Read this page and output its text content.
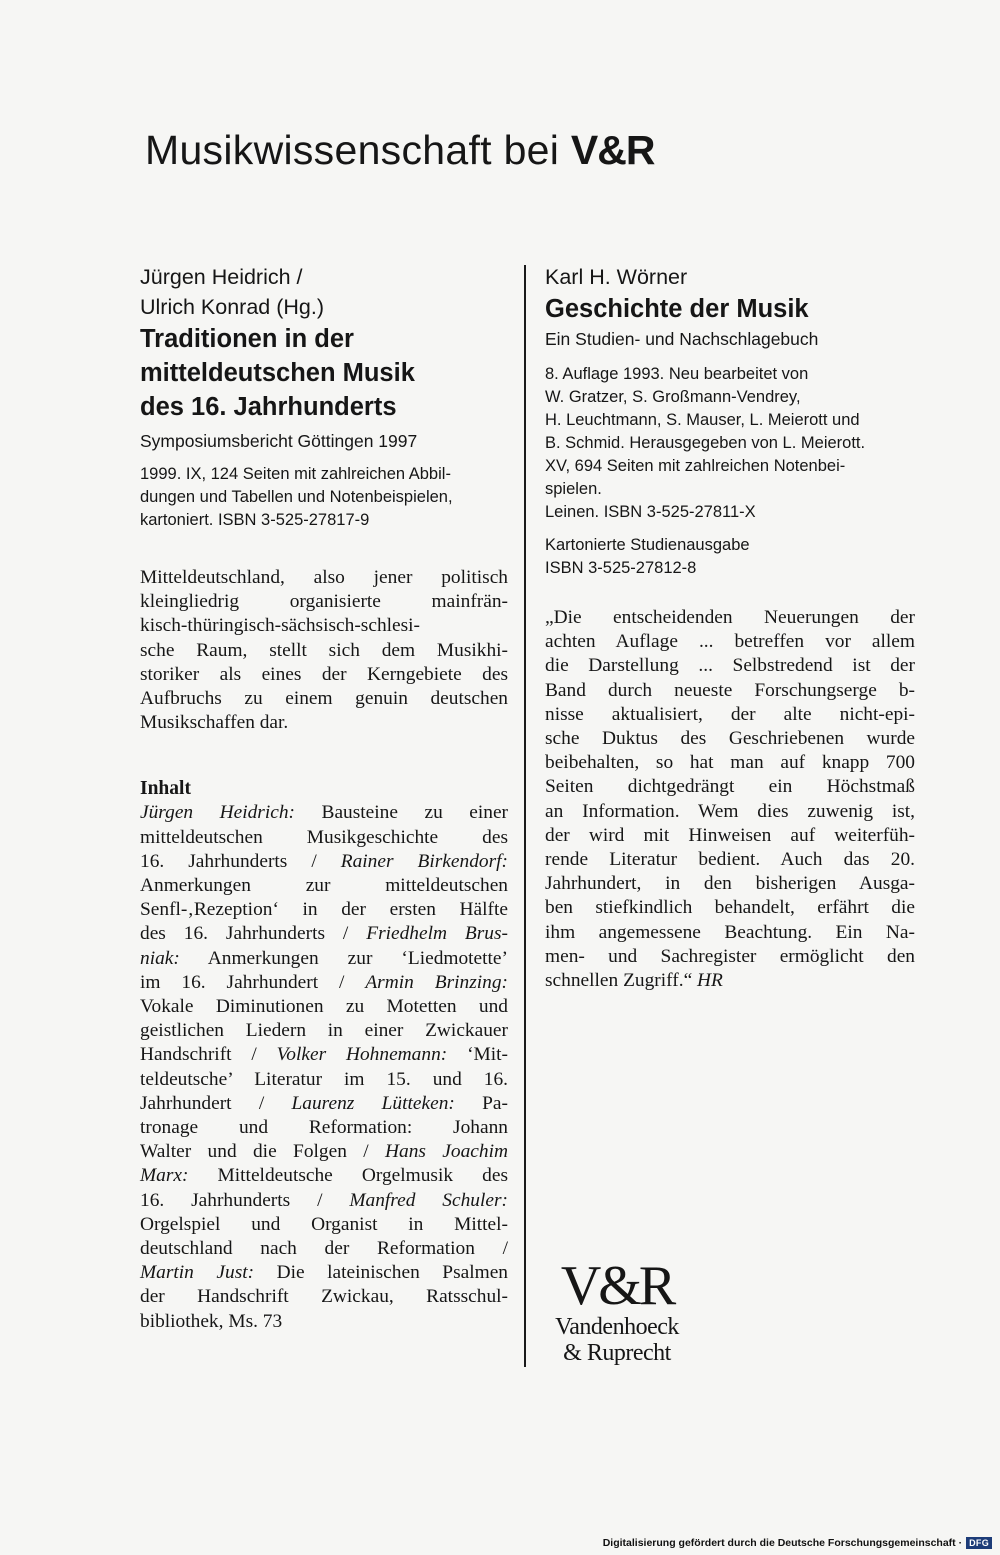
Musikwissenschaft bei V&R
Jürgen Heidrich /
Ulrich Konrad (Hg.)
Traditionen in der
mitteldeutschen Musik
des 16. Jahrhunderts
Symposiumsbericht Göttingen 1997
1999. IX, 124 Seiten mit zahlreichen Abbil-
dungen und Tabellen und Notenbeispielen,
kartoniert. ISBN 3-525-27817-9
Mitteldeutschland, also jener politisch
kleingliedrig organisierte mainfrän-
kisch-thüringisch-sächsisch-schlesi-
sche Raum, stellt sich dem Musikhi-
storiker als eines der Kerngebiete des
Aufbruchs zu einem genuin deutschen
Musikschaffen dar.
Inhalt
Jürgen Heidrich: Bausteine zu einer
mitteldeutschen Musikgeschichte des
16. Jahrhunderts / Rainer Birkendorf:
Anmerkungen zur mitteldeutschen
Senfl-‚Rezeption‘ in der ersten Hälfte
des 16. Jahrhunderts / Friedhelm Brus-
niak: Anmerkungen zur ‘Liedmotette’
im 16. Jahrhundert / Armin Brinzing:
Vokale Diminutionen zu Motetten und
geistlichen Liedern in einer Zwickauer
Handschrift / Volker Hohnemann: ‘Mit-
teldeutsche’ Literatur im 15. und 16.
Jahrhundert / Laurenz Lütteken: Pa-
tronage und Reformation: Johann
Walter und die Folgen / Hans Joachim
Marx: Mitteldeutsche Orgelmusik des
16. Jahrhunderts / Manfred Schuler:
Orgelspiel und Organist in Mittel-
deutschland nach der Reformation /
Martin Just: Die lateinischen Psalmen
der Handschrift Zwickau, Ratsschul-
bibliothek, Ms. 73
Karl H. Wörner
Geschichte der Musik
Ein Studien- und Nachschlagebuch
8. Auflage 1993. Neu bearbeitet von
W. Gratzer, S. Großmann-Vendrey,
H. Leuchtmann, S. Mauser, L. Meierott und
B. Schmid. Herausgegeben von L. Meierott.
XV, 694 Seiten mit zahlreichen Notenbei-
spielen.
Leinen. ISBN 3-525-27811-X
Kartonierte Studienausgabe
ISBN 3-525-27812-8
„Die entscheidenden Neuerungen der
achten Auflage ... betreffen vor allem
die Darstellung ... Selbstredend ist der
Band durch neueste Forschungserge b-
nisse aktualisiert, der alte nicht-epi-
sche Duktus des Geschriebenen wurde
beibehalten, so hat man auf knapp 700
Seiten dichtgedrängt ein Höchstmaß
an Information. Wem dies zuwenig ist,
der wird mit Hinweisen auf weiterfüh-
rende Literatur bedient. Auch das 20.
Jahrhundert, in den bisherigen Ausga-
ben stiefkindlich behandelt, erfährt die
ihm angemessene Beachtung. Ein Na-
men- und Sachregister ermöglicht den
schnellen Zugriff.“ HR
V&R
Vandenhoeck
& Ruprecht
Digitalisierung gefördert durch die Deutsche Forschungsgemeinschaft · DFG
